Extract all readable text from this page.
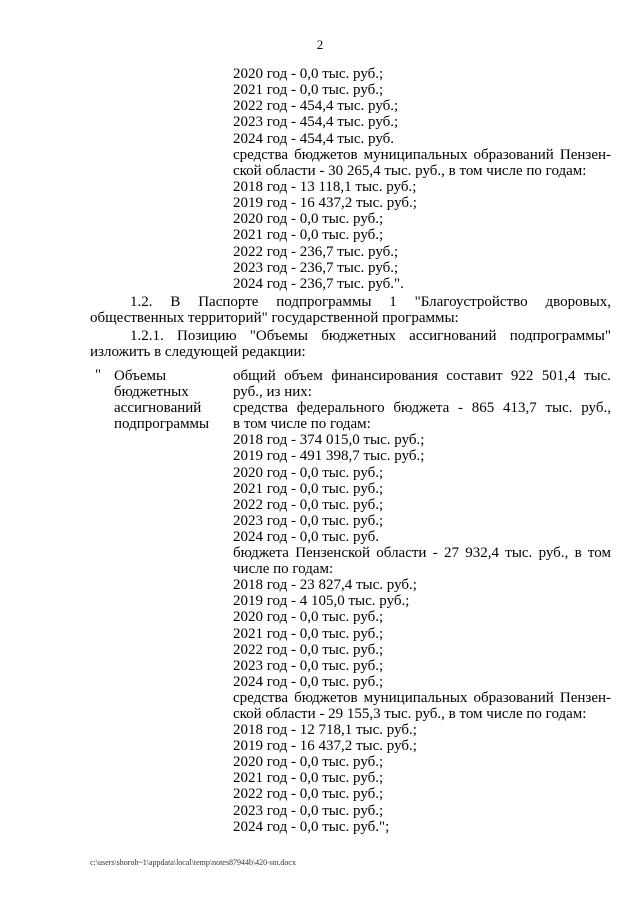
2
2020 год - 0,0 тыс. руб.;
2021 год - 0,0 тыс. руб.;
2022 год - 454,4 тыс. руб.;
2023 год - 454,4 тыс. руб.;
2024 год - 454,4 тыс. руб.
средства бюджетов муниципальных образований Пензен-
ской области - 30 265,4 тыс. руб., в том числе по годам:
2018 год - 13 118,1 тыс. руб.;
2019 год - 16 437,2 тыс. руб.;
2020 год - 0,0 тыс. руб.;
2021 год - 0,0 тыс. руб.;
2022 год - 236,7 тыс. руб.;
2023 год - 236,7 тыс. руб.;
2024 год - 236,7 тыс. руб.".
1.2. В Паспорте подпрограммы 1 "Благоустройство дворовых,
общественных территорий" государственной программы:
1.2.1. Позицию "Объемы бюджетных ассигнований подпрограммы"
изложить в следующей редакции:
" Объемы
бюджетных
ассигнований
подпрограммы
общий объем финансирования составит 922 501,4 тыс.
руб., из них:
средства федерального бюджета - 865 413,7 тыс. руб.,
в том числе по годам:
2018 год - 374 015,0 тыс. руб.;
2019 год - 491 398,7 тыс. руб.;
2020 год - 0,0 тыс. руб.;
2021 год - 0,0 тыс. руб.;
2022 год - 0,0 тыс. руб.;
2023 год - 0,0 тыс. руб.;
2024 год - 0,0 тыс. руб.
бюджета Пензенской области - 27 932,4 тыс. руб., в том
числе по годам:
2018 год - 23 827,4 тыс. руб.;
2019 год - 4 105,0 тыс. руб.;
2020 год - 0,0 тыс. руб.;
2021 год - 0,0 тыс. руб.;
2022 год - 0,0 тыс. руб.;
2023 год - 0,0 тыс. руб.;
2024 год - 0,0 тыс. руб.;
средства бюджетов муниципальных образований Пензен-
ской области - 29 155,3 тыс. руб., в том числе по годам:
2018 год - 12 718,1 тыс. руб.;
2019 год - 16 437,2 тыс. руб.;
2020 год - 0,0 тыс. руб.;
2021 год - 0,0 тыс. руб.;
2022 год - 0,0 тыс. руб.;
2023 год - 0,0 тыс. руб.;
2024 год - 0,0 тыс. руб.";
c:\users\shoroh~1\appdata\local\temp\notes87944b\420-нп.docx
